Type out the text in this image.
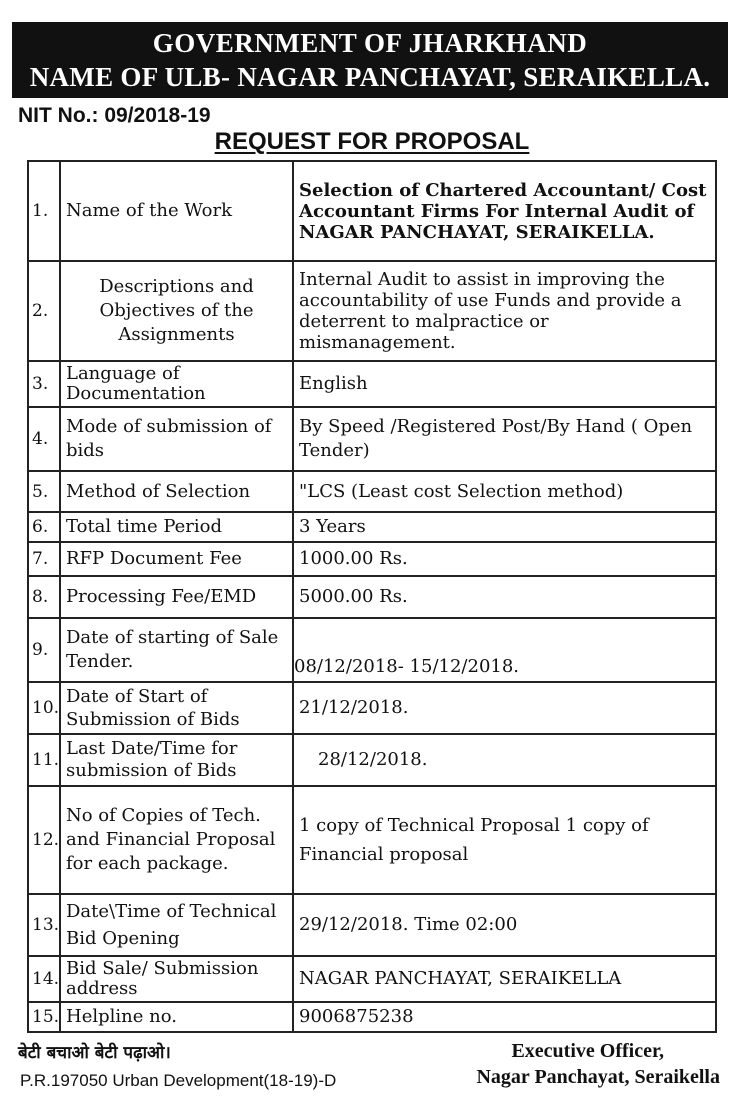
GOVERNMENT OF JHARKHAND
NAME OF ULB- NAGAR PANCHAYAT, SERAIKELLA.
NIT No.: 09/2018-19
REQUEST FOR PROPOSAL
1.	Name of the Work	Selection of Chartered Accountant/ Cost Accountant Firms For Internal Audit of NAGAR PANCHAYAT, SERAIKELLA.
2.	Descriptions and Objectives of the Assignments	Internal Audit to assist in improving the accountability of use Funds and provide a deterrent to malpractice or mismanagement.
3.	Language of Documentation	English
4.	Mode of submission of bids	By Speed /Registered Post/By Hand ( Open Tender)
5.	Method of Selection	"LCS (Least cost Selection method)
6.	Total time Period	3 Years
7.	RFP Document Fee	1000.00 Rs.
8.	Processing Fee/EMD	5000.00 Rs.
9.	Date of starting of Sale Tender.	08/12/2018- 15/12/2018.
10.	Date of Start of Submission of Bids	21/12/2018.
11.	Last Date/Time for submission of Bids	28/12/2018.
12.	No of Copies of Tech. and Financial Proposal for each package.	1 copy of Technical Proposal 1 copy of Financial proposal
13.	Date\Time of Technical Bid Opening	29/12/2018. Time 02:00
14.	Bid Sale/ Submission address	NAGAR PANCHAYAT, SERAIKELLA
15.	Helpline no.	9006875238
बेटी बचाओ बेटी पढ़ाओ।
P.R.197050 Urban Development(18-19)-D
Executive Officer,
Nagar Panchayat, Seraikella
